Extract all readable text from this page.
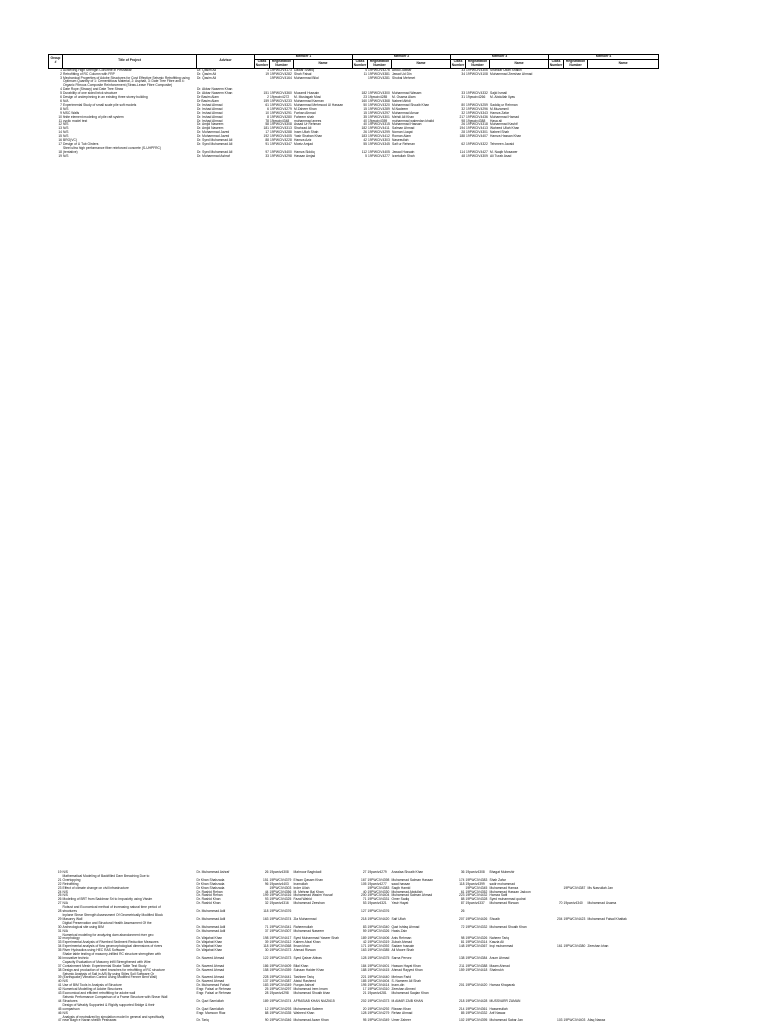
Group #	Title of Project	Advisor	Member 1			Member 2			Member 3			Member 4		
			Class Number	Registration Number	Name	Class Number	Registration Number	Name	Class Number	Registration Number	Name	Class Number	Registration Number	Name
1	Achieving High Strength Concrete in Peshawar	Dr. Qasim Ali	1	19PWCIV4173	Dawar Shafiq	4	19PWCIV4276	Abdul Jabbar	33	19PWCIV4306	Shahzar Ullah Shaikh			
2	Retrofitting of RC Column with FRP	Dr. Qasim Ali	19	19PWCIV4282	Shah Faisal	11	19PWCIV4381	Jawat Ud Din	34	19PWCIV4108	Muhammad Zeeshan Ahmad			
3	Mechanical Properties of Adobe Structures for Cost Effective Seismic Retrofitting using Optimum Quantity of 1: Cementitious Material, 2: Asphalt, 3: Date Tree Fibre and 4: Organic Fibrous Composite Reinforcement (Straw-Leave Fibre Composite)	Dr. Qasim Ali		19PWCIV4164	Muhammad Bilal		19PWCIV4281	Shubai Mehmet						
4	Date Rope (Strawy) and Date Tree Straw	Dr. Akbar Naseem Khan												
5	Durability of one sided brick structure	Dr. Akbar Naseem Khan	151	19PWCIV4360	Muzamil Hussain	182	19PWCIV4300	Muhammad Wasam	33	19PWCIV4332	Sajid Ismail			
6	Design of underpinning in an existing three storey building	Dr Basim Alam	2	19pwciv4272	M. Mustagab Mosi	23	19pwciv4285	M. Osama Alam	31	19pwciv4266	M. Abdullah Ilyas			
6	N/A	Dr Basim Alam	159	19PWCIV4233	Muhammad Kamran	160	19PWCIV4368	Nabeel Afridi						
7	Experimental Study of small scale pile soft models	Dr. Irshad Ahmad	61	19PWCIV4321	Muhammad Mehmood Ul Hassan	50	19PWCIV4320	Muhammad Shoaib Khan	80	19PWCIV4259	Saddiq ur Rehman			
8	N/S	Dr. Irshad Ahmad	6	19PWCIV4279	M Zaheer Khan	15	19PWCIV4289	M.Nadeem	32	19PWCIV4296	M.Muzammil			
9	MSC Walls	Dr. Irshad Ahmad	10	19PWCIV4291	Farhan Ahmad	15	19PWCIV4297	Muhammad Ansar	32	19PWCIV4343	Hamza Zafar			
10	finite element modeling of pile raft system	Dr. Irshad Ahmad	8	19PWCIV4280	Faheem shah	35	19PWCIV4301	Mehdi Ali Khan	217	19PWCIV4436	Muhammad Hamad			
11	cyclic model test	Dr. Irshad Ahmad	78	19pwciv4348	muhammad anees	40	19pwciv4359	muhammad waleedan khalid	98	19pwciv4388	Hasa ali			
12	N/S	Dr. Amjid Naseem	58	19PWCIV4308	Assad Ur Rehman	40	19PWCIV4315	Muhammad Hassan	26	19PWCIV4318	Muhammad Kashif			
13	N/S	Dr. Amjid Naseem	181	19PWCIV4313	Shahzad Ali	182	19PWCIV4411	Salman Ahmad	194	19PWCIV4413	Waheed Ullah Khan			
14	N/S	Dr. Muhammad Javed	17	19PWCIV4288	Inam Ullah Shah	26	19PWCIV4299	Noman Liaqat	28	19PWCIV4301	Nabeel Shah			
15	N/S	Dr. Muhammad Javed	192	19PWCIV4405	Yasir Shaban Khan	183	19PWCIV4412	Roman Alam	188	19PWCIV4407	Hamza Hassan Khan			
16	BRO(VC)	Dr. Syed Muhammad Ali	88	19PWCIV4228	Hamza Aziz	42	19PWCIV4303	Naseeullah						
17	Design of U Tub Girders	Dr. Syed Muhammad Ali	91	19PWCIV4347	Moeiz Amjad	55	19PWCIV4345	Saif ur Rehman	62	19PWCIV4322	Tehmeen Javaid			
	Steel ultra high performance fiber reinforced concrete (S-UHPFRC)													
18	(tentative)	Dr. Syed Muhammad Ali	97	19PWCIV4400	Hamza Siddiq	112	19PWCIV4405	Jawad Hussain	114	19PWCIV4427	M. Naqib Mosawer			
19	N/S	Dr. Muhammad Ashraf	33	19PWCIV4298	Hassan Amjad	5	19PWCIV4277	Izzetullah Shah	48	19PWCIV4309	Ali Turab Asad			
19	N/S	Dr. Muhammad Ashraf	26	19pwciv4308	Mahnoor Baghdadi	27	19pwciv4279	Anzalaa Shoaib Khan	36	19pwciv4308	Bhagat Mubeshir			
	Mathematical Modeling of Backfilled Dam Breaching Due to													
21	Overtopping	Dr Khan Shahzada	151	19PWCIV4379	Ehsan Qasam Khan	167	19PWCIV4398	Muhammad Salman Hassan	174	19PWCIV4383	Shah Zafar			
22	Retrofitting	Dr Khan Shahzada	96	19pwciv4403	Inamullah	105	19pwciv4277	saad hassan	118	19pwciv4399	sadir mohammad			
23	Effect of climate change on civil infrastructure	Dr Khan Shahzada		19PWCIV4303	Inder Ullah		19PWCIV4383	Saqib Hamid		19PWCIV4345	Muhammad Hamza		19PWCIV4387	Ms Nasrullah Jan
24	N/S	Dr. Rashid Rehan	44	19PWCIV4356	M. Mehran Bai Khan	40	19PWCIV4330	Muhammad Abdullah	61	19PWCIV4352	Muhammad Hassan Jadoon			
25	N/S	Dr. Rashid Rehan	199	19PWCIV4416	Muhammad Wasim Yousaf	200	19PWCIV4404	Muhammad Salman Ahmad	223	19PWCIV4432	Hamza Saifi			
26	Modeling of BRT from Saddmar Sri to Impusivity using Vissim	Dr. Rashid Khan	93	19PWCIV4325	Fazal Wahid	71	19PWCIV4331	Omer Sadiq	88	19PWCIV4328	Syed muhammad qudrat			
27	N/A	Dr. Rashid Khan	32	19pwciv4316	Muhammad Zeeshan	53	19pwciv4321	Yasir Hayat	87	19pwciv4337	Muhammad Rizwan	70	19pwciv4340	Muhammad Usama
	Robust and Economical method of increasing natural time period of													
28	structures	Dr. Muhammad Adil	118	19PWCIV4376		127	19PWCIV4376		26					
	Inplane Shear Strength Assessment Of Geometrically Modified Block													
29	Masonry Wall	Dr. Muhammad Adil	163	19PWCIV4374	Zia Muhammad	218	19PWCIV4420	Saif Ullah	207	19PWCIV4426	Shoaib	204	19PWCIV4423	Muhammad Faisal Khattak
	Digital Preservation and Structural Health Assessment Of the													
30	Archeological site using BIM	Dr. Muhammad Adil	71	19PWCIV4341	Raheemullah	83	19PWCIV4340	Qazi Ishfaq Ahmad	72	19PWCIV4332	Muhammad Shoaib Khan			
31	N/A	Dr. Muhammad Adil	37	19PWCIV4307	Muhammad Naseem	59	19PWCIV4326	Hasis Zain						
	Numerical modeling for analyzing dam abandonment river geo													
32	morphology	Dr. Wajahat Khan	198	19PWCIV4417	Syed Muhammad Yaseer Shah	189	19PWCIV4406	Anis Rehman	98	19PWCIV4326	Naheen Tariq			
33	Experimental Analysis of Riverbed Sediment Reduction Measures	Dr. Wajahat Khan	39	19PWCIV4312	Kaleen Afzal Khan	42	19PWCIV4319	Zubair Ahmad	81	19PWCIV4314	Kaszia Ali			
34	Experimental analysis of flow geomorphological dimensions of rivers	Dr. Wajahat Khan	118	19PWCIV4368	Ihsan khan	171	19PWCIV4392	Sadam hussain	148	19PWCIV4367	Inqi muhammad	161	19PWCIV4380	Zeeshan khan
35	River Hydraulics using HEC RAS Software	Dr. Wajahat Khan	30	19PWCIV4373	Ahmad Rizwan	163	19PWCIV4385	Ali Moore Shah						
	Shake table testing of masonry-infilled RC structure strengthen with													
36	innovative technic	Dr. Naveed Ahmad	122	19PWCIV4373	Syed Qaiser Abbas	128	19PWCIV4375	Sarna Pervez	138	19PWCIV4384	Anum Ahmad			
	Capacity Evaluation of Masonry infill Strengthened with Wire													
37	Containment Mesh: Experimental Shake Table Test Study	Dr. Naveed Ahmad	186	19PWCIV4409	Bilal Khan	184	19PWCIV4401	Hassan Hayat Khan	211	19PWCIV4388	Maam Ahmad			
38	Design and production of steel branches for retrofitting of RC structure	Dr. Naveed Ahmad	158	19PWCIV4359	Suhaan Haider Khan	188	19PWCIV4415	Ahmad Rayyed Khan	159	19PWCIV4418	Shahrukh			
	Seismic Analysis of Sail in A/B By using Stiles Soil Software Or													
39	(Earthquake) Vibration Control Using Modified Fenner Bent Wall)	Dr. Naveed Ahmad	228	19PWCIV4441	Tashbee Tariq	221	19PWCIV4440	Mehran Farid						
40	N/S	Dr. Naveed Ahmad	137	19PWCIV4387	Abdul Rasheed	185	19PWCIV4404	S. Nameen Ali Shah						
41	Use of BIM Tools in Analysis of Structure	Dr. Muhammad Fahad	183	19PWCIV4349	Furqan Ashraf	195	19PWCIV4414	Inam-din	201	19PWCIV4420	Hamza Khaparak			
42	Numerical Modelling of Adobe Structures	Engr. Faisal ur Rehman	25	19PWCIV4297	Muhammad Irem Imam	17	19PWCIV4310	Zeeshan Ahmed						
43	Economical and efficient retrofitting for adobe wall	Engr. Faisal ur Rehman	28	19pwciv4298	Muhammad Shoaib khan	21	19pwciv4281	Muhammad Saqlan Khan						
	Seismic Performance Comparison of a Frame Structure with Shear Wall													
44	Structures	Dr. Qazi Samiullah	189	19PWCIV4374	AFRASIAB KHAN NIAZI615	202	19PWCIV4373	M.AMAR ZAIB KHAN	218	19PWCIV4428	MUSSVARR ZAMAN			
	Design of Weakly Supported & Rigidly supported Bridge & their													
45	comparison	Dr. Qazi Samiullah	12	19PWCIV4293	Muhammad Saleem	20	19PWCIV4292	Rizwan Khan	214	19PWCIV4361	Hasseeullah			
46	N/S	Engr. Mamoon Riaz	88	19PWCIV4335	Waheed Khan	128	19PWCIV4279	Rehan Ahmad	85	19PWCIV4332	Arif Nawaz			
	Analysis of neutralized by simulation model in general and specifically													
47	near Bagh e Naran sheikh Peshawar.	Dr. Tariq	90	19PWCIV4346	Muhammad Azam Khan	95	19PWCIV4349	Umer Zaheer	102	19PWCIV4395	Muhammad Sabar Jan	103	19PWCIV4403	Afaq Nawaz
